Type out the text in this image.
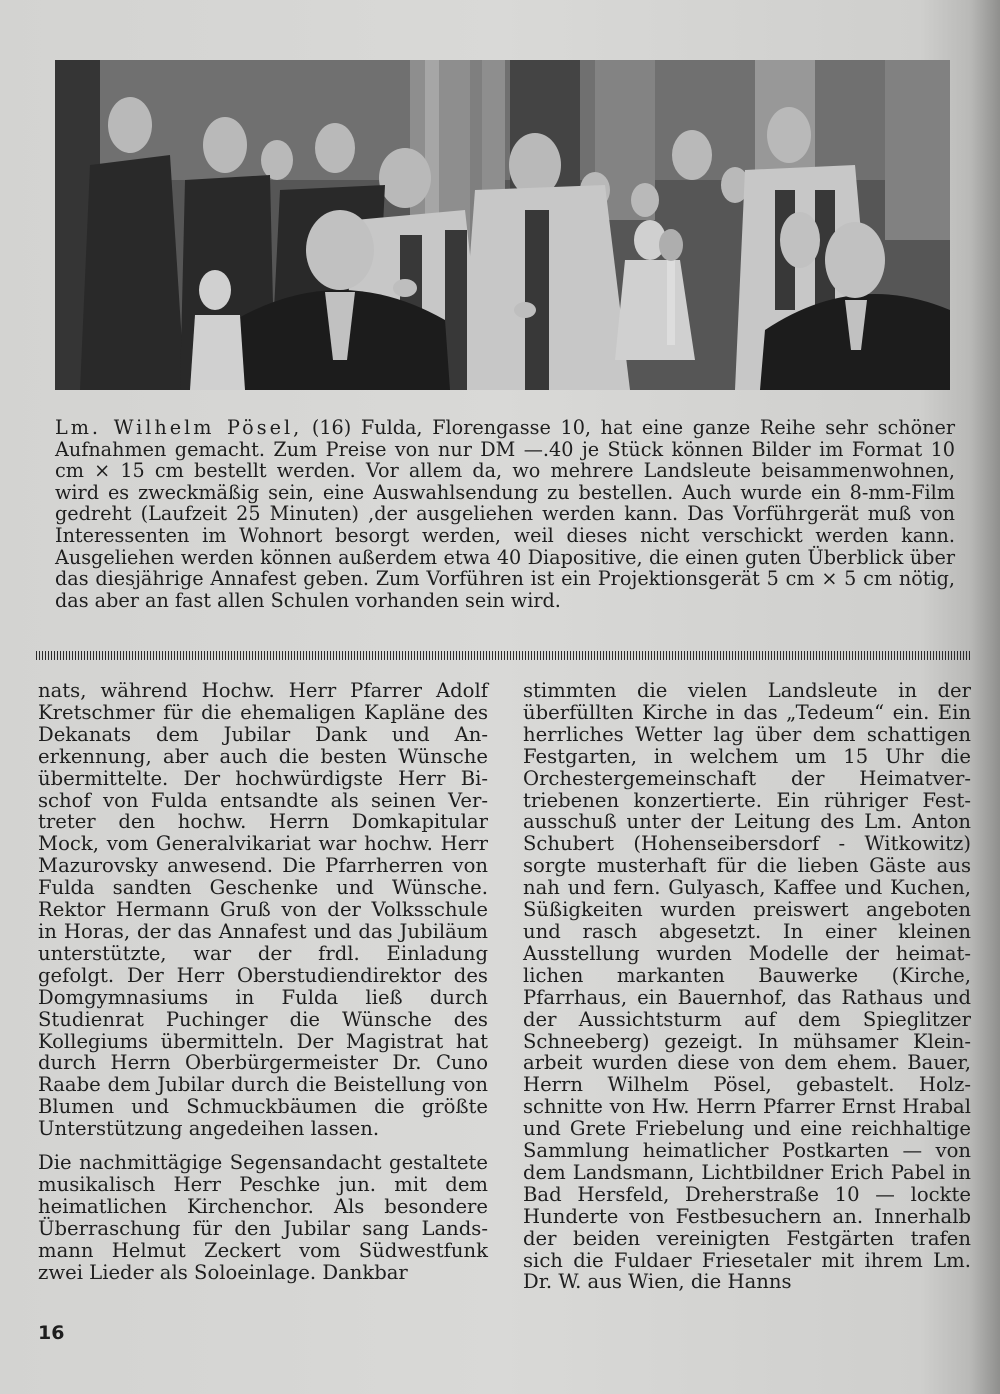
Lm. Wilhelm Pösel, (16) Fulda, Florengasse 10, hat eine ganze Reihe sehr schöner Aufnahmen gemacht. Zum Preise von nur DM —.40 je Stück können Bilder im Format 10 cm × 15 cm bestellt werden. Vor allem da, wo mehrere Landsleute beisammenwohnen, wird es zweckmäßig sein, eine Auswahlsendung zu bestellen. Auch wurde ein 8-mm-Film gedreht (Laufzeit 25 Minuten) ,der ausgeliehen werden kann. Das Vorführgerät muß von Interessenten im Wohnort besorgt werden, weil dieses nicht verschickt werden kann. Ausgeliehen werden können außerdem etwa 40 Diapositive, die einen guten Überblick über das diesjährige Annafest geben. Zum Vorführen ist ein Projektionsgerät 5 cm × 5 cm nötig, das aber an fast allen Schulen vorhanden sein wird.

nats, während Hochw. Herr Pfarrer Adolf Kretschmer für die ehemaligen Kapläne des Dekanats dem Jubilar Dank und Anerkennung, aber auch die besten Wünsche übermittelte. Der hochwürdigste Herr Bischof von Fulda entsandte als seinen Vertreter den hochw. Herrn Domkapitular Mock, vom Generalvikariat war hochw. Herr Mazurovsky anwesend. Die Pfarrherren von Fulda sandten Geschenke und Wünsche. Rektor Hermann Gruß von der Volksschule in Horas, der das Annafest und das Jubiläum unterstützte, war der frdl. Einladung gefolgt. Der Herr Oberstudiendirektor des Domgymnasiums in Fulda ließ durch Studienrat Puchinger die Wünsche des Kollegiums übermitteln. Der Magistrat hat durch Herrn Oberbürgermeister Dr. Cuno Raabe dem Jubilar durch die Beistellung von Blumen und Schmuckbäumen die größte Unterstützung angedeihen lassen.

Die nachmittägige Segensandacht gestaltete musikalisch Herr Peschke jun. mit dem heimatlichen Kirchenchor. Als besondere Überraschung für den Jubilar sang Landsmann Helmut Zeckert vom Südwestfunk zwei Lieder als Soloeinlage. Dankbar

stimmten die vielen Landsleute in der überfüllten Kirche in das „Tedeum“ ein. Ein herrliches Wetter lag über dem schattigen Festgarten, in welchem um 15 Uhr die Orchestergemeinschaft der Heimatvertriebenen konzertierte. Ein rühriger Festausschuß unter der Leitung des Lm. Anton Schubert (Hohenseibersdorf - Witkowitz) sorgte musterhaft für die lieben Gäste aus nah und fern. Gulyasch, Kaffee und Kuchen, Süßigkeiten wurden preiswert angeboten und rasch abgesetzt. In einer kleinen Ausstellung wurden Modelle der heimatlichen markanten Bauwerke (Kirche, Pfarrhaus, ein Bauernhof, das Rathaus und der Aussichtsturm auf dem Spieglitzer Schneeberg) gezeigt. In mühsamer Kleinarbeit wurden diese von dem ehem. Bauer, Herrn Wilhelm Pösel, gebastelt. Holzschnitte von Hw. Herrn Pfarrer Ernst Hrabal und Grete Friebelung und eine reichhaltige Sammlung heimatlicher Postkarten — von dem Landsmann, Lichtbildner Erich Pabel in Bad Hersfeld, Dreherstraße 10 — lockte Hunderte von Festbesuchern an. Innerhalb der beiden vereinigten Festgärten trafen sich die Fuldaer Friesetaler mit ihrem Lm. Dr. W. aus Wien, die Hanns

16
